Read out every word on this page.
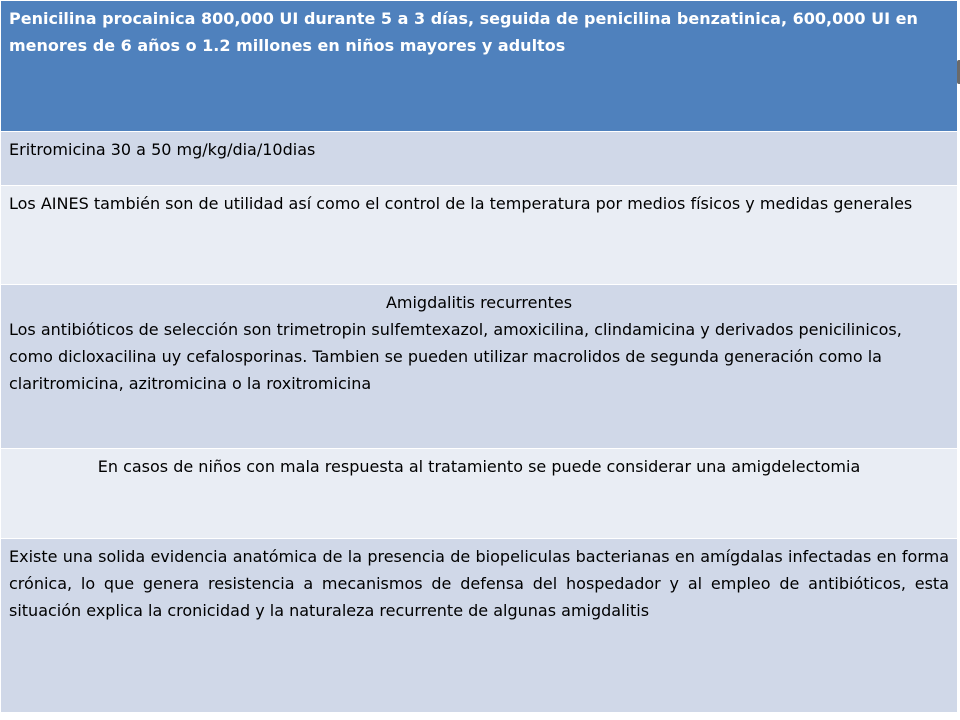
Penicilina procainica 800,000 UI durante 5 a 3 días, seguida de penicilina benzatinica, 600,000 UI en menores de 6 años o 1.2 millones en niños mayores y adultos
Eritromicina 30 a 50 mg/kg/dia/10dias
Los AINES también son de utilidad así como el control de la temperatura por medios físicos y medidas generales

Amigdalitis recurrentes
Los antibióticos de selección son trimetropin sulfemtexazol, amoxicilina, clindamicina y derivados penicilinicos, como dicloxacilina uy cefalosporinas. Tambien se pueden utilizar macrolidos de segunda generación como la claritromicina, azitromicina o la roxitromicina

En casos de niños con mala respuesta al tratamiento se puede considerar una amigdelectomia
Existe una solida evidencia anatómica de la presencia de biopeliculas bacterianas en amígdalas infectadas en forma crónica, lo que genera resistencia a mecanismos de defensa del hospedador y al empleo de antibióticos, esta situación explica la cronicidad y la naturaleza recurrente de algunas amigdalitis
